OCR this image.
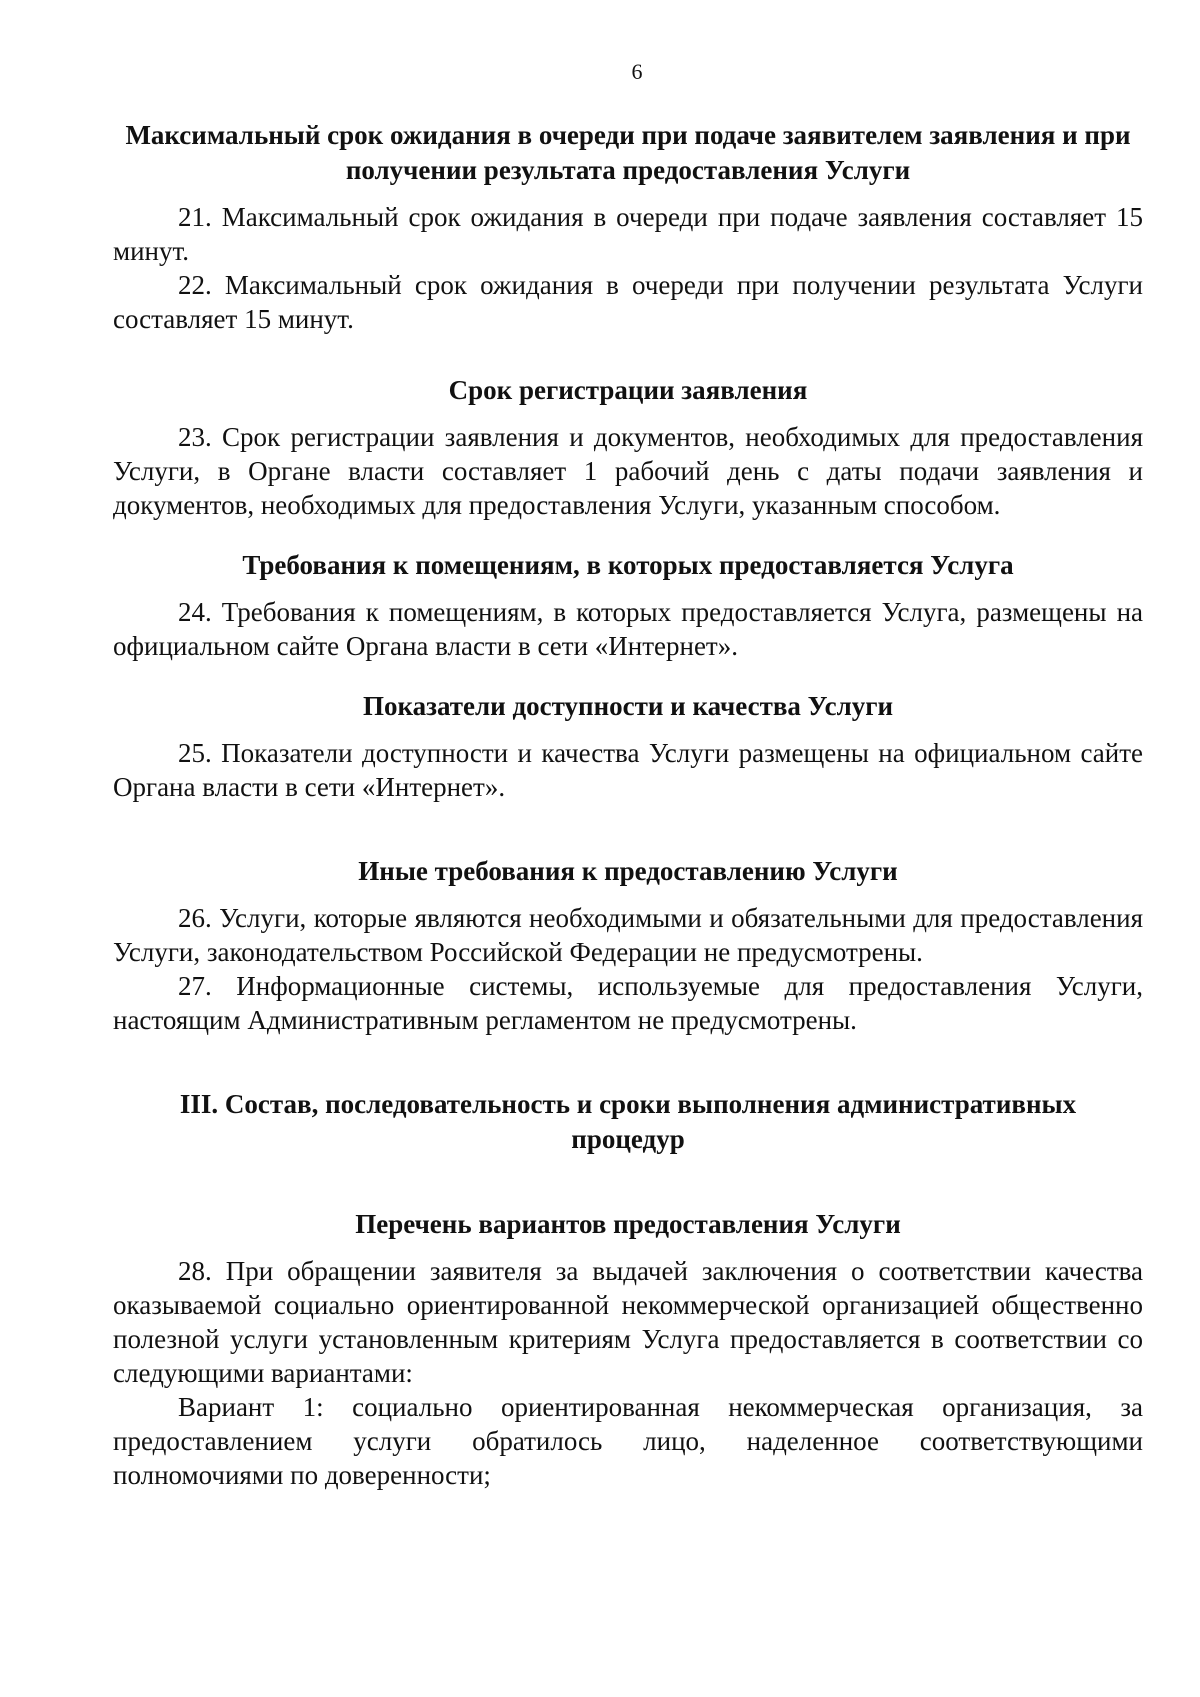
6

Максимальный срок ожидания в очереди при подаче заявителем заявления и при получении результата предоставления Услуги

21. Максимальный срок ожидания в очереди при подаче заявления составляет 15 минут.

22. Максимальный срок ожидания в очереди при получении результата Услуги составляет 15 минут.

Срок регистрации заявления

23. Срок регистрации заявления и документов, необходимых для предоставления Услуги, в Органе власти составляет 1 рабочий день с даты подачи заявления и документов, необходимых для предоставления Услуги, указанным способом.

Требования к помещениям, в которых предоставляется Услуга

24. Требования к помещениям, в которых предоставляется Услуга, размещены на официальном сайте Органа власти в сети «Интернет».

Показатели доступности и качества Услуги

25. Показатели доступности и качества Услуги размещены на официальном сайте Органа власти в сети «Интернет».

Иные требования к предоставлению Услуги

26. Услуги, которые являются необходимыми и обязательными для предоставления Услуги, законодательством Российской Федерации не предусмотрены.

27. Информационные системы, используемые для предоставления Услуги, настоящим Административным регламентом не предусмотрены.

III. Состав, последовательность и сроки выполнения административных процедур

Перечень вариантов предоставления Услуги

28. При обращении заявителя за выдачей заключения о соответствии качества оказываемой социально ориентированной некоммерческой организацией общественно полезной услуги установленным критериям Услуга предоставляется в соответствии со следующими вариантами:

Вариант 1: социально ориентированная некоммерческая организация, за предоставлением услуги обратилось лицо, наделенное соответствующими полномочиями по доверенности;
